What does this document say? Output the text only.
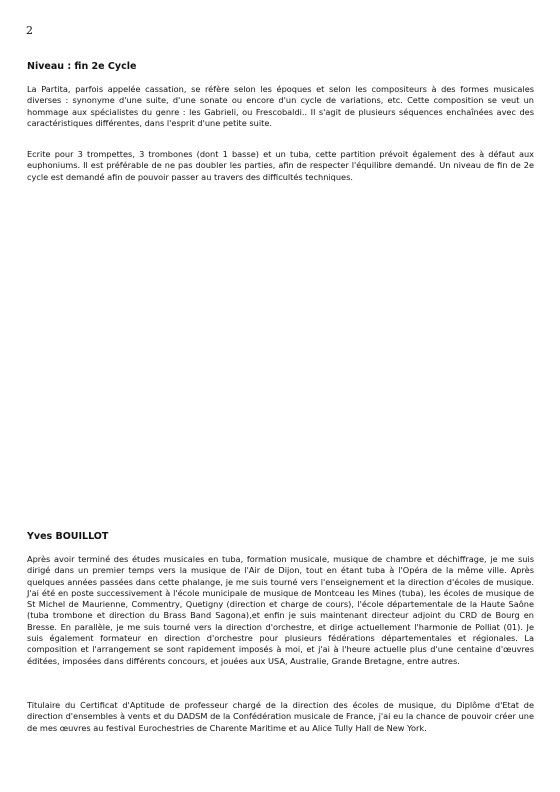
2
Niveau : fin 2e Cycle

La Partita, parfois appelée cassation, se réfère selon les époques et selon les compositeurs à des formes musicales diverses : synonyme d'une suite, d'une sonate ou encore d'un cycle de variations, etc. Cette composition se veut un hommage aux spécialistes du genre : les Gabrieli, ou Frescobaldi.. Il s'agit de plusieurs séquences enchaînées avec des caractéristiques différentes, dans l'esprit d'une petite suite.

Ecrite pour 3 trompettes, 3 trombones (dont 1 basse) et un tuba, cette partition prévoit également des à défaut aux euphoniums. Il est préférable de ne pas doubler les parties, afin de respecter l'équilibre demandé. Un niveau de fin de 2e cycle est demandé afin de pouvoir passer au travers des difficultés techniques.

Yves BOUILLOT

Après avoir terminé des études musicales en tuba, formation musicale, musique de chambre et déchiffrage, je me suis dirigé dans un premier temps vers la musique de l'Air de Dijon, tout en étant tuba à l'Opéra de la même ville. Après quelques années passées dans cette phalange, je me suis tourné vers l'enseignement et la direction d'écoles de musique. J'ai été en poste successivement à l'école municipale de musique de Montceau les Mines (tuba), les écoles de musique de St Michel de Maurienne, Commentry, Quetigny (direction et charge de cours), l'école départementale de la Haute Saône (tuba trombone et direction du Brass Band Sagona),et enfin je suis maintenant directeur adjoint du CRD de Bourg en Bresse. En parallèle, je me suis tourné vers la direction d'orchestre, et dirige actuellement l'harmonie de Polliat (01). Je suis également formateur en direction d'orchestre pour plusieurs fédérations départementales et régionales. La composition et l'arrangement se sont rapidement imposés à moi, et j'ai à l'heure actuelle plus d'une centaine d'œuvres éditées, imposées dans différents concours, et jouées aux USA, Australie, Grande Bretagne, entre autres.

Titulaire du Certificat d'Aptitude de professeur chargé de la direction des écoles de musique, du Diplôme d'Etat de direction d'ensembles à vents et du DADSM de la Confédération musicale de France, j'ai eu la chance de pouvoir créer une de mes œuvres au festival Eurochestries de Charente Maritime et au Alice Tully Hall de New York.
